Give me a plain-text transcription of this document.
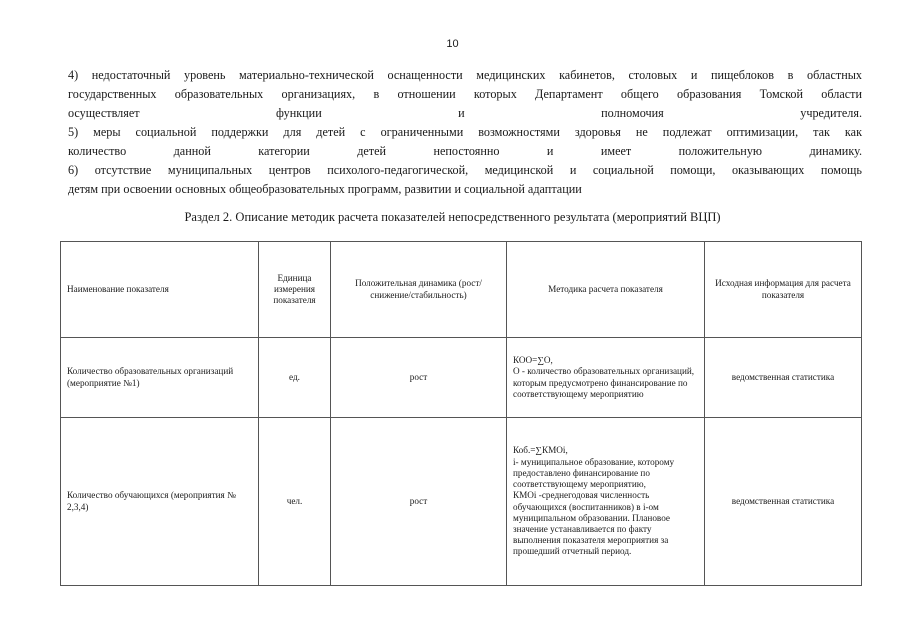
10

4) недостаточный уровень материально-технической оснащенности медицинских кабинетов, столовых и пищеблоков в областных

государственных образовательных организациях, в отношении которых Департамент общего образования Томской области

осуществляет функции и полномочия учредителя.

5) меры социальной поддержки для детей с ограниченными возможностями здоровья не подлежат оптимизации, так как

количество данной категории детей непостоянно и имеет положительную динамику.

6) отсутствие муниципальных центров психолого-педагогической, медицинской и социальной помощи, оказывающих помощь

детям при освоении основных общеобразовательных программ, развитии и социальной адаптации

Раздел 2. Описание методик расчета показателей непосредственного результата (мероприятий ВЦП)
Наименование показателя	Единица измерения показателя	Положительная динамика (рост/снижение/стабильность)	Методика расчета показателя	Исходная информация для расчета показателя
Количество образовательных организаций (мероприятие №1)	ед.	рост	КОО=∑О,
О - количество образовательных организаций, которым предусмотрено финансирование по соответствующему мероприятию	ведомственная статистика
Количество обучающихся (мероприятия № 2,3,4)	чел.	рост	Коб.=∑КМОi,
i- муниципальное образование, которому предоставлено финансирование по соответствующему мероприятию,
КМОi -среднегодовая численность обучающихся (воспитанников) в i-ом муниципальном образовании. Плановое значение устанавливается по факту выполнения показателя мероприятия за прошедший отчетный период.	ведомственная статистика
